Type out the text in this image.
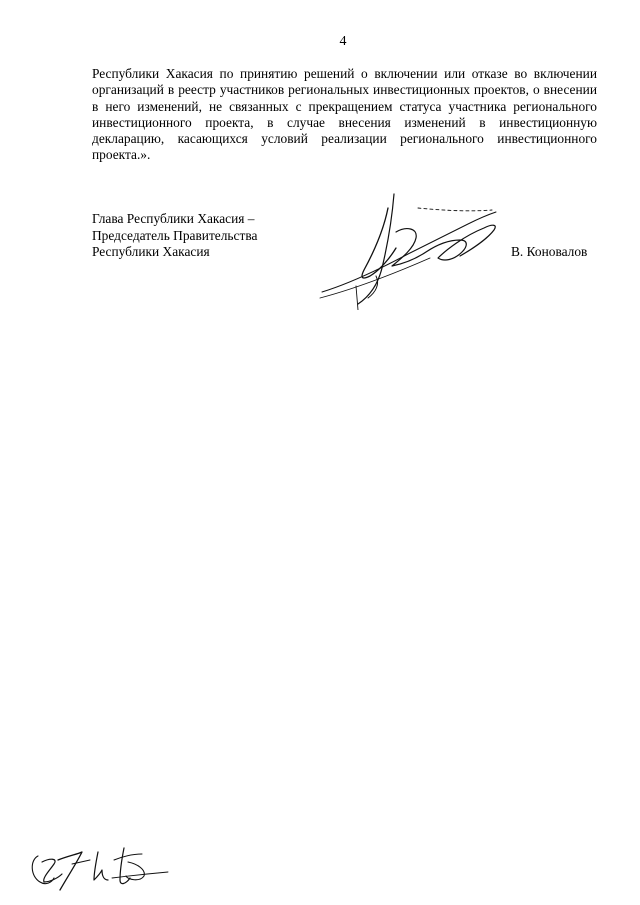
4

Республики Хакасия по принятию решений о включении или отказе во включении организаций в реестр участников региональных инвестиционных проектов, о внесении в него изменений, не связанных с прекращением статуса участника регионального инвестиционного проекта, в случае внесения изменений в инвестиционную декларацию, касающихся условий реализации регионального инвестиционного проекта.».

Глава Республики Хакасия –
Председатель Правительства
Республики Хакасия	В. Коновалов
